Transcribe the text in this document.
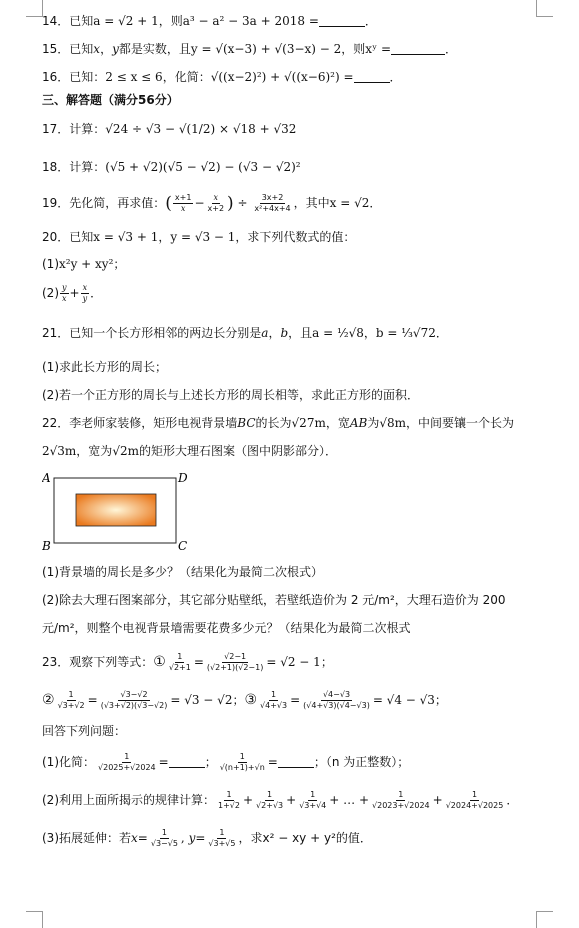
14．已知a = √2 + 1，则a³ − a² − 3a + 2018 =	．
15．已知x，y都是实数，且y = √(x−3) + √(3−x) − 2，则xʸ =	．
16．已知：2 ≤ x ≤ 6，化简：√((x−2)²) + √((x−6)²) =	．
三、解答题（满分56分）
17．计算：√24 ÷ √3 − √(1/2) × √18 + √32
18．计算：(√5 + √2)(√5 − √2) − (√3 − √2)²
19．先化简，再求值：( $\frac{x+1}{x} - \frac{x}{x+2}$ ) ÷ $\frac{3x+2}{\text{x²+4x+4}}$ ，其中x = √2．
20．已知x = √3 + 1，y = √3 − 1，求下列代数式的值：
(1)x²y + xy²；
$(2) \frac{y}{x} + \frac{x}{y}$ ．
21．已知一个长方形相邻的两边长分别是a，b，且a = ½√8，b = ⅓√72．
(1)求此长方形的周长；
(2)若一个正方形的周长与上述长方形的周长相等，求此正方形的面积．
22．李老师家装修，矩形电视背景墙BC的长为√27m，宽AB为√8m，中间要镶一个长为
2√3m，宽为√2m的矩形大理石图案（图中阴影部分）．
A	D
B	C
(1)背景墙的周长是多少？（结果化为最简二次根式）
(2)除去大理石图案部分，其它部分贴壁纸，若壁纸造价为 2 元/m²，大理石造价为 200
元/m²，则整个电视背景墙需要花费多少元？（结果化为最简二次根式
23．观察下列等式：① $\frac{1}{√2+1} = \frac{√2-1}{(√2+1)(√2-1)} = √2 - 1$；
② $\frac{1}{√3+√2} = \frac{√3-√2}{(√3+√2)(√3-√2)} = √3 - √2$；③ $\frac{1}{√4+√3} = \frac{√4-√3}{(√4+√3)(√4-√3)} = √4 - √3$；
回答下列问题：
(1)化简： $\frac{1}{√2025+√2024}$ =	； $\frac{1}{√(n+1)+√n}$ =	；（n 为正整数）；
(2)利用上面所揭示的规律计算： $\frac{1}{1+√2} + \frac{1}{√2+√3} + \frac{1}{√3+√4}$ + … + $\frac{1}{√2023+√2024} + \frac{1}{√2024+√2025}$ ．
(3)拓展延伸：若$x= \frac{1}{√3-√5}$ , $y= \frac{1}{√3+√5}$ ，求x² − xy + y²的值．
